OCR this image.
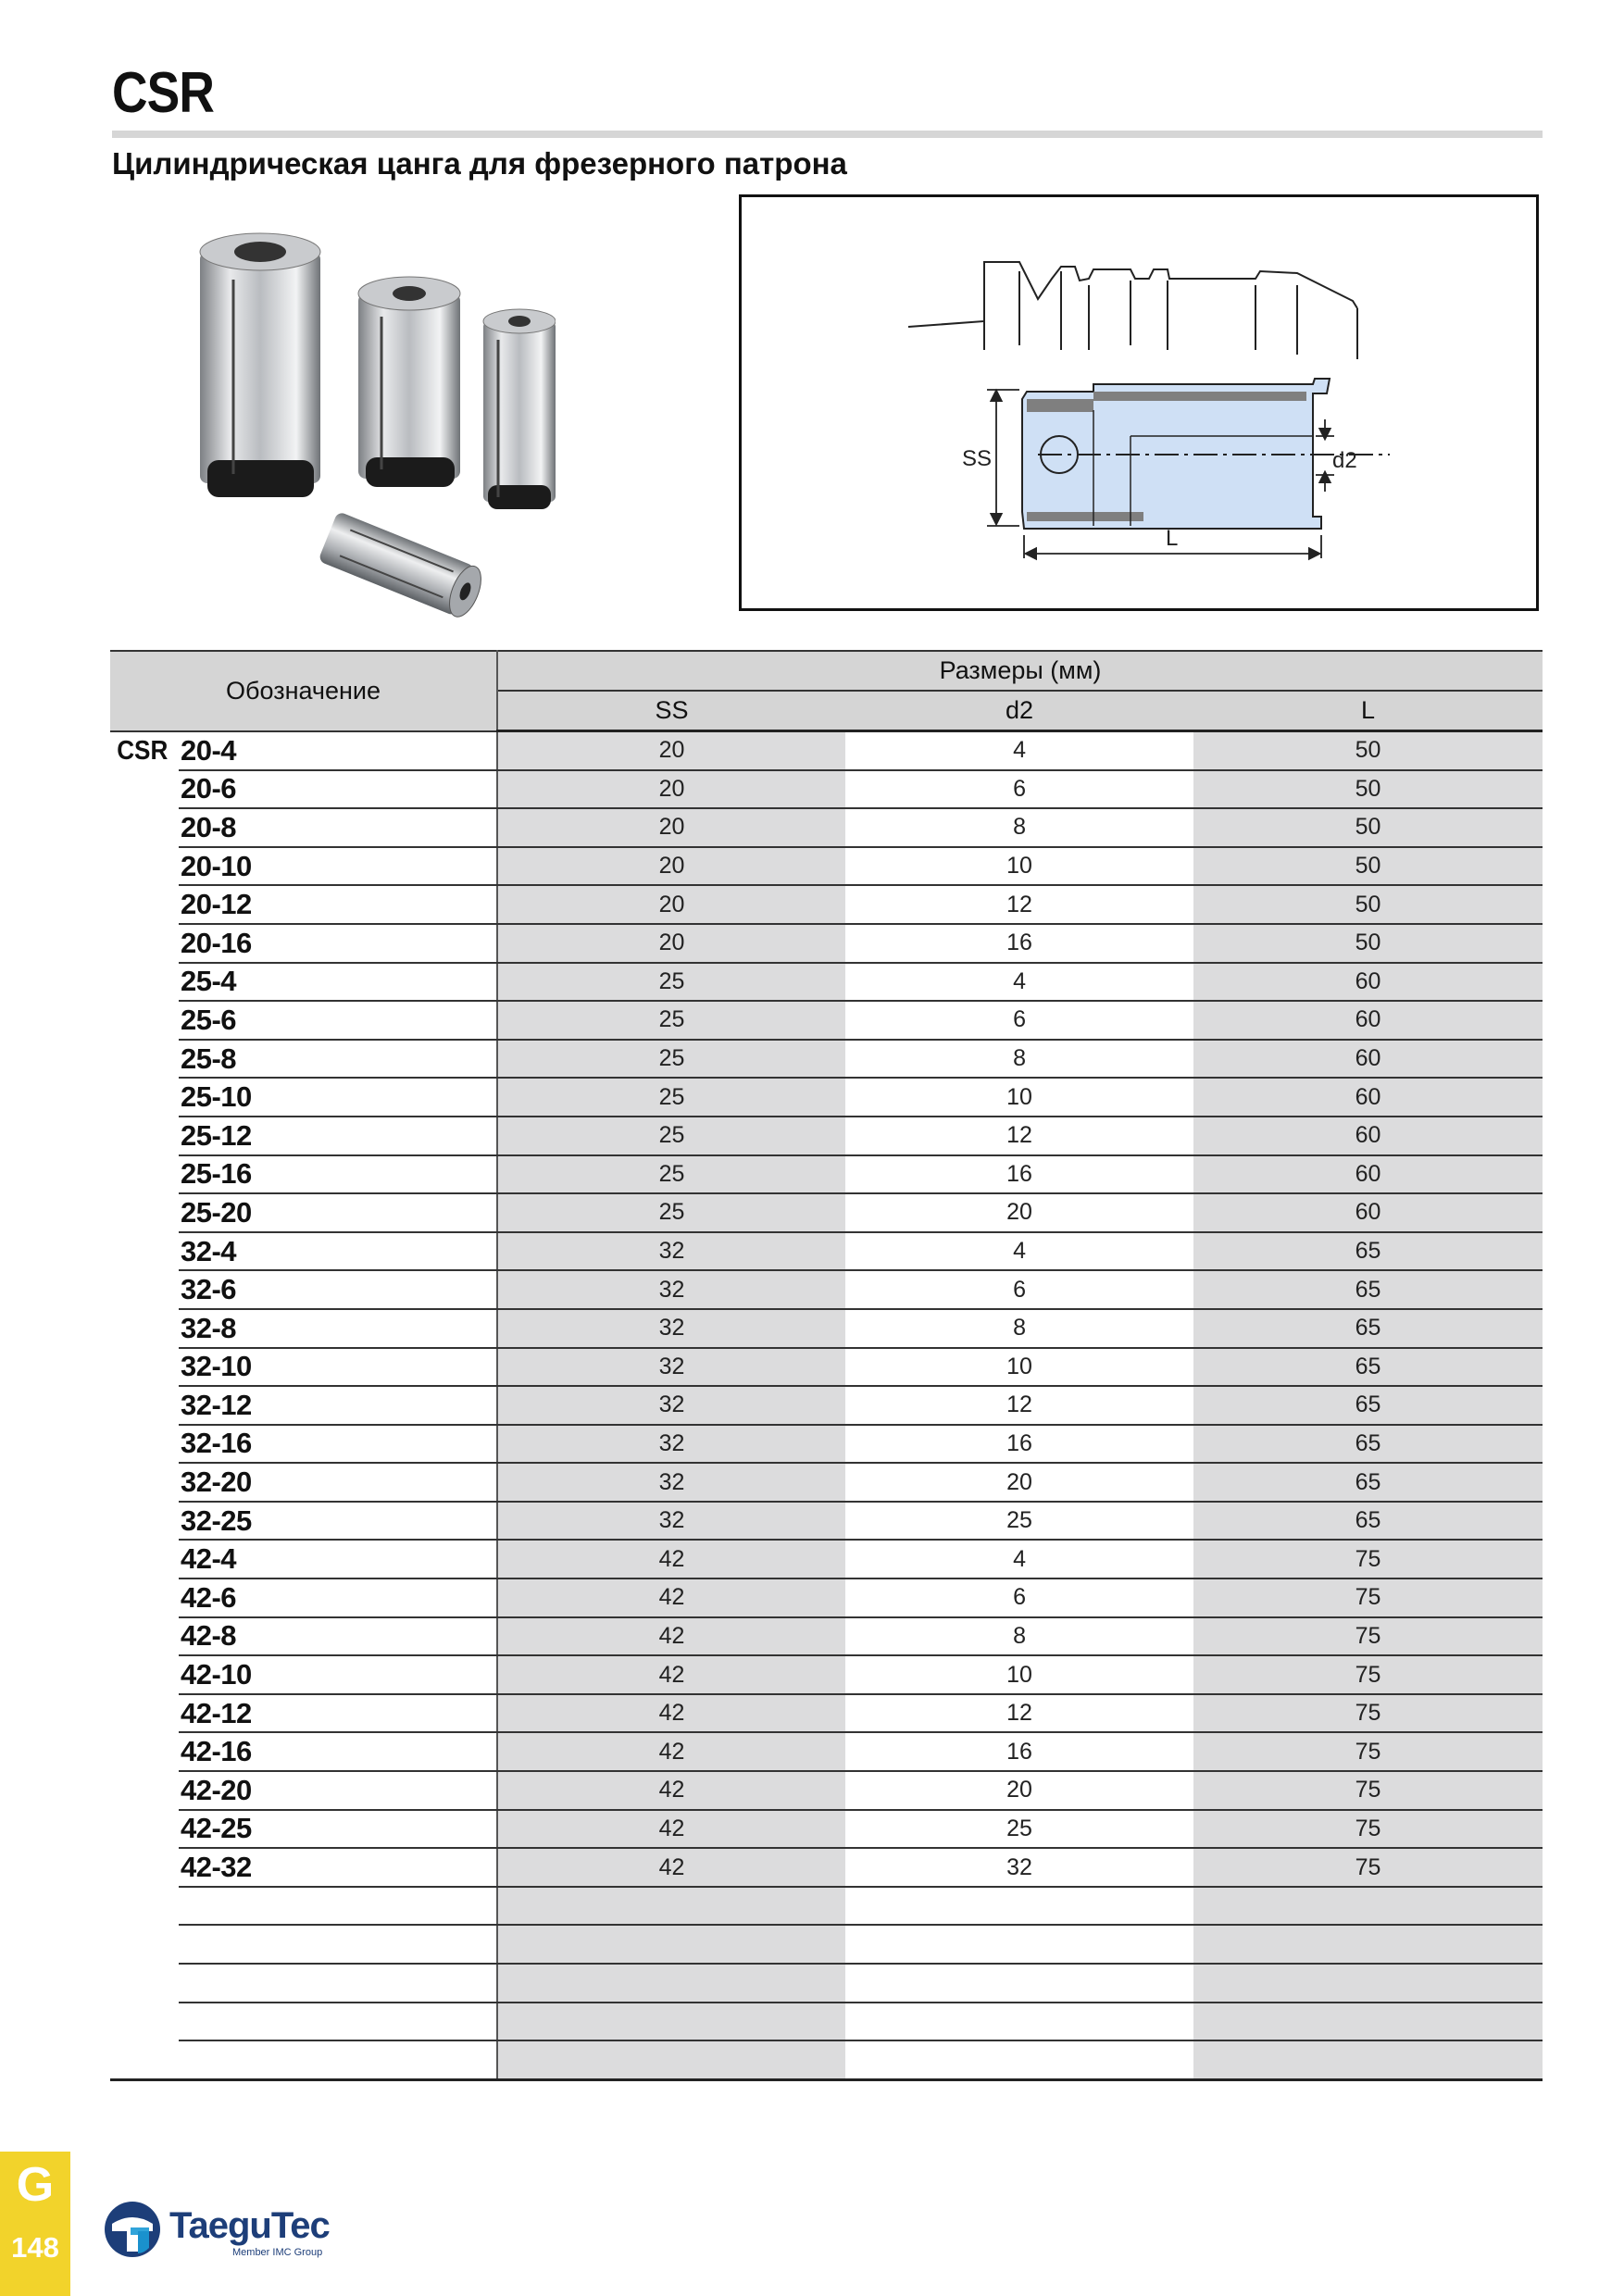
CSR
Цилиндрическая цанга для фрезерного патрона
SS	d2
L
Обозначение		Размеры (мм)		
		SS	d2	L
CSR	20-4	20	4	50
	20-6	20	6	50
	20-8	20	8	50
	20-10	20	10	50
	20-12	20	12	50
	20-16	20	16	50
	25-4	25	4	60
	25-6	25	6	60
	25-8	25	8	60
	25-10	25	10	60
	25-12	25	12	60
	25-16	25	16	60
	25-20	25	20	60
	32-4	32	4	65
	32-6	32	6	65
	32-8	32	8	65
	32-10	32	10	65
	32-12	32	12	65
	32-16	32	16	65
	32-20	32	20	65
	32-25	32	25	65
	42-4	42	4	75
	42-6	42	6	75
	42-8	42	8	75
	42-10	42	10	75
	42-12	42	12	75
	42-16	42	16	75
	42-20	42	20	75
	42-25	42	25	75
	42-32	42	32	75

G
148
TaeguTec
Member IMC Group
